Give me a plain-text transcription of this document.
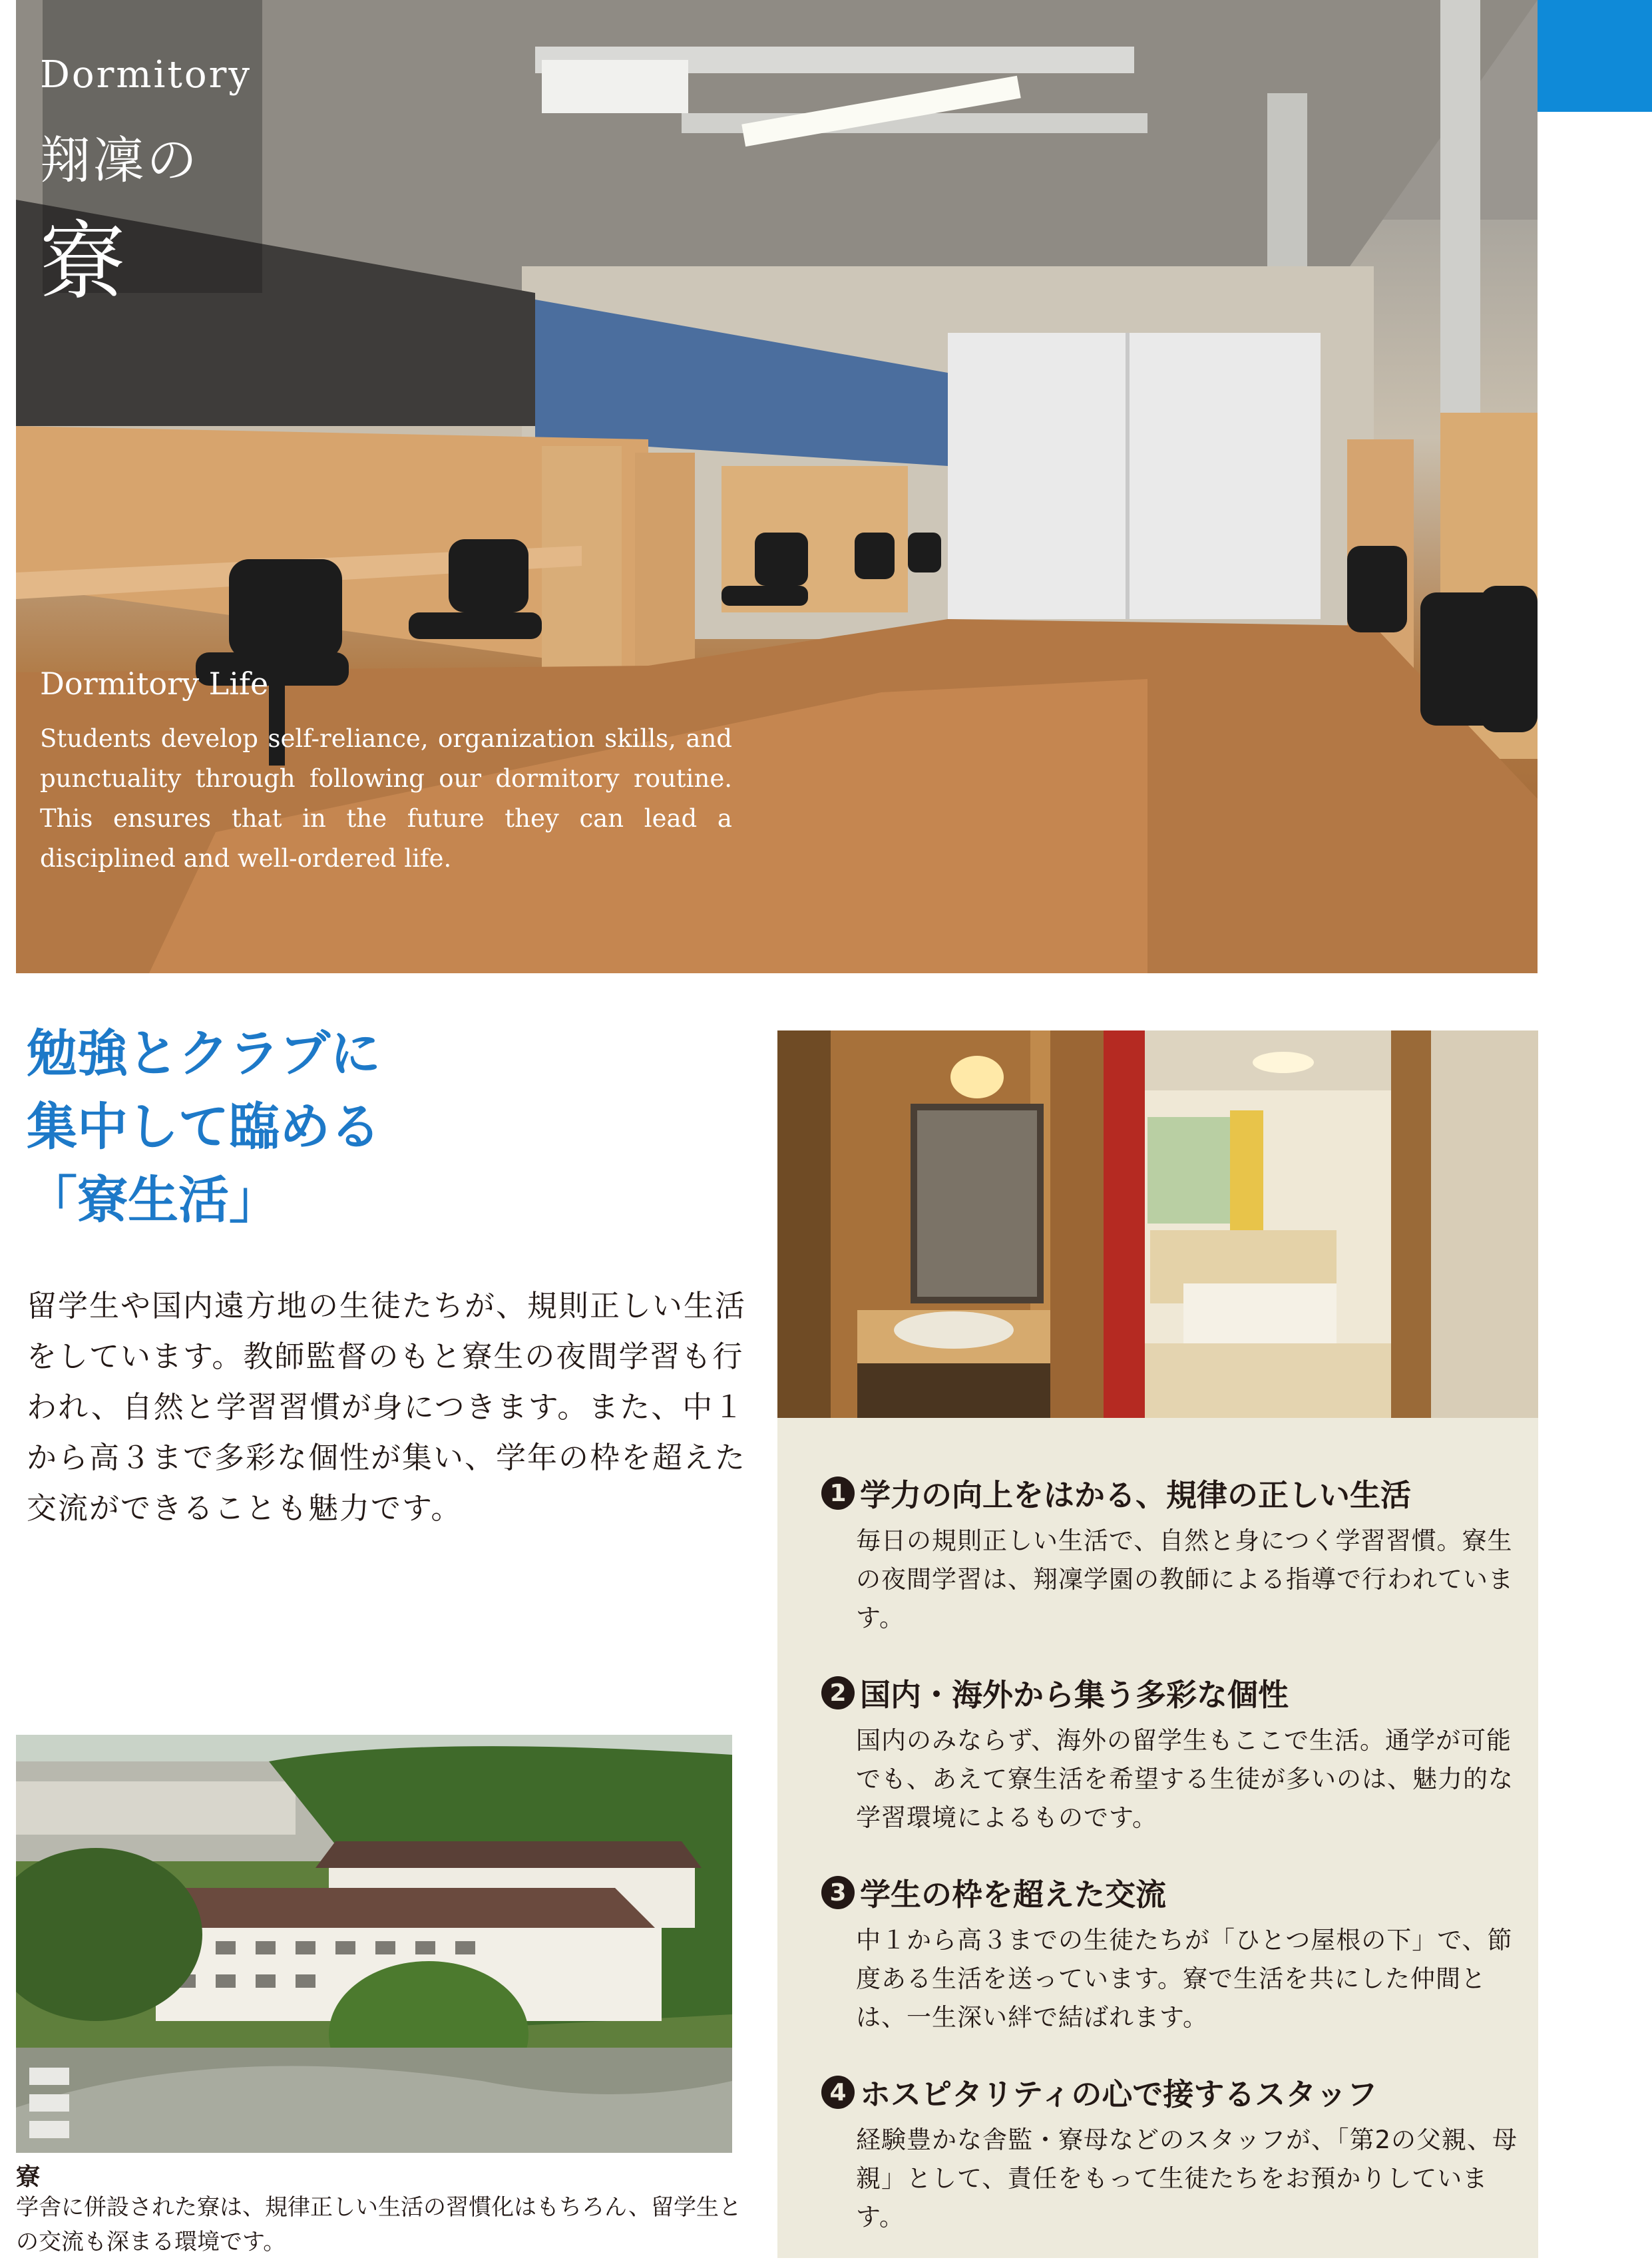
Dormitory
翔凜の
寮
Dormitory Life
Students develop self-reliance, organization skills, and punctuality through following our dormitory routine. This ensures that in the future they can lead a disciplined and well-ordered life.
勉強とクラブに
集中して臨める
「寮生活」
留学生や国内遠方地の生徒たちが、規則正しい生活をしています。教師監督のもと寮生の夜間学習も行われ、自然と学習習慣が身につきます。また、中１から高３まで多彩な個性が集い、学年の枠を超えた交流ができることも魅力です。	1 学力の向上をはかる、規律の正しい生活
毎日の規則正しい生活で、自然と身につく学習習慣。寮生の夜間学習は、翔凜学園の教師による指導で行われています。
2 国内・海外から集う多彩な個性
国内のみならず、海外の留学生もここで生活。通学が可能でも、あえて寮生活を希望する生徒が多いのは、魅力的な学習環境によるものです。
3 学生の枠を超えた交流
中１から高３までの生徒たちが「ひとつ屋根の下」で、節度ある生活を送っています。寮で生活を共にした仲間とは、一生深い絆で結ばれます。
4 ホスピタリティの心で接するスタッフ
経験豊かな舎監・寮母などのスタッフが、「第2の父親、母親」として、責任をもって生徒たちをお預かりしています。
寮
学舎に併設された寮は、規律正しい生活の習慣化はもちろん、留学生との交流も深まる環境です。
